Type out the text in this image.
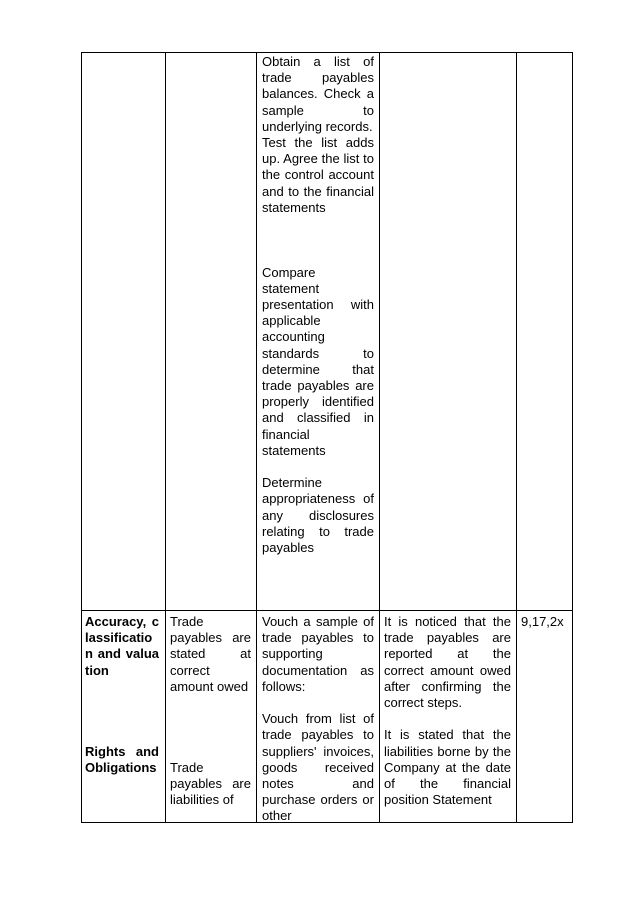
Obtain a list of trade payables balances. Check a sample to underlying records.
Test the list adds up. Agree the list to the control account and to the financial statements
Compare statement presentation with applicable accounting standards to determine that trade payables are properly identified and classified in financial statements
Determine appropriateness of any disclosures relating to trade payables
Accuracy, classification and valuation
Rights and Obligations
Trade payables are stated at correct amount owed
Trade payables are liabilities of
Vouch a sample of trade payables to supporting documentation as follows:
Vouch from list of trade payables to suppliers' invoices, goods received notes and purchase orders or other
It is noticed that the trade payables are reported at the correct amount owed after confirming the correct steps.
It is stated that the liabilities borne by the Company at the date of the financial position Statement
9,17,2x
